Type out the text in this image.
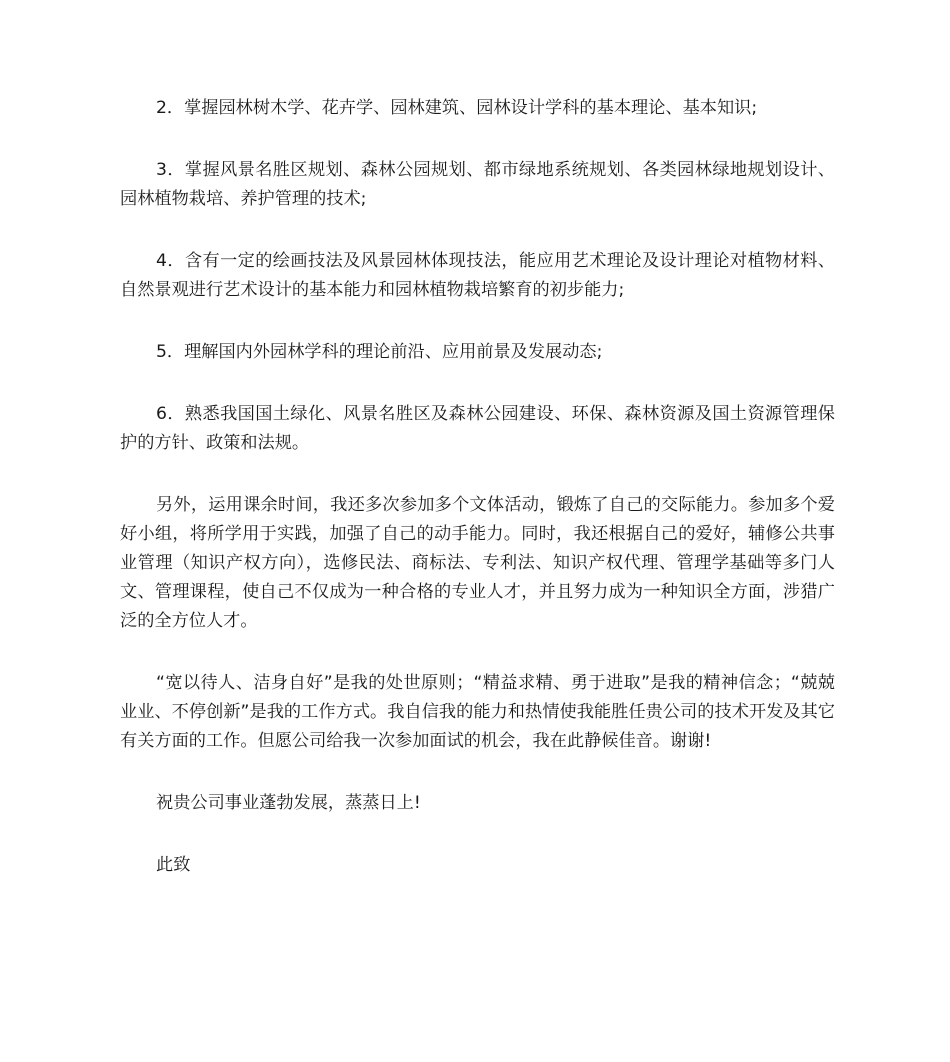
2．掌握园林树木学、花卉学、园林建筑、园林设计学科的基本理论、基本知识;

3．掌握风景名胜区规划、森林公园规划、都市绿地系统规划、各类园林绿地规划设计、园林植物栽培、养护管理的技术;

4．含有一定的绘画技法及风景园林体现技法，能应用艺术理论及设计理论对植物材料、自然景观进行艺术设计的基本能力和园林植物栽培繁育的初步能力;

5．理解国内外园林学科的理论前沿、应用前景及发展动态;

6．熟悉我国国土绿化、风景名胜区及森林公园建设、环保、森林资源及国土资源管理保护的方针、政策和法规。

另外，运用课余时间，我还多次参加多个文体活动，锻炼了自己的交际能力。参加多个爱好小组，将所学用于实践，加强了自己的动手能力。同时，我还根据自己的爱好，辅修公共事业管理（知识产权方向），选修民法、商标法、专利法、知识产权代理、管理学基础等多门人文、管理课程，使自己不仅成为一种合格的专业人才，并且努力成为一种知识全方面，涉猎广泛的全方位人才。

“宽以待人、洁身自好”是我的处世原则；“精益求精、勇于进取”是我的精神信念；“兢兢业业、不停创新”是我的工作方式。我自信我的能力和热情使我能胜任贵公司的技术开发及其它有关方面的工作。但愿公司给我一次参加面试的机会，我在此静候佳音。谢谢!

祝贵公司事业蓬勃发展，蒸蒸日上!

此致
